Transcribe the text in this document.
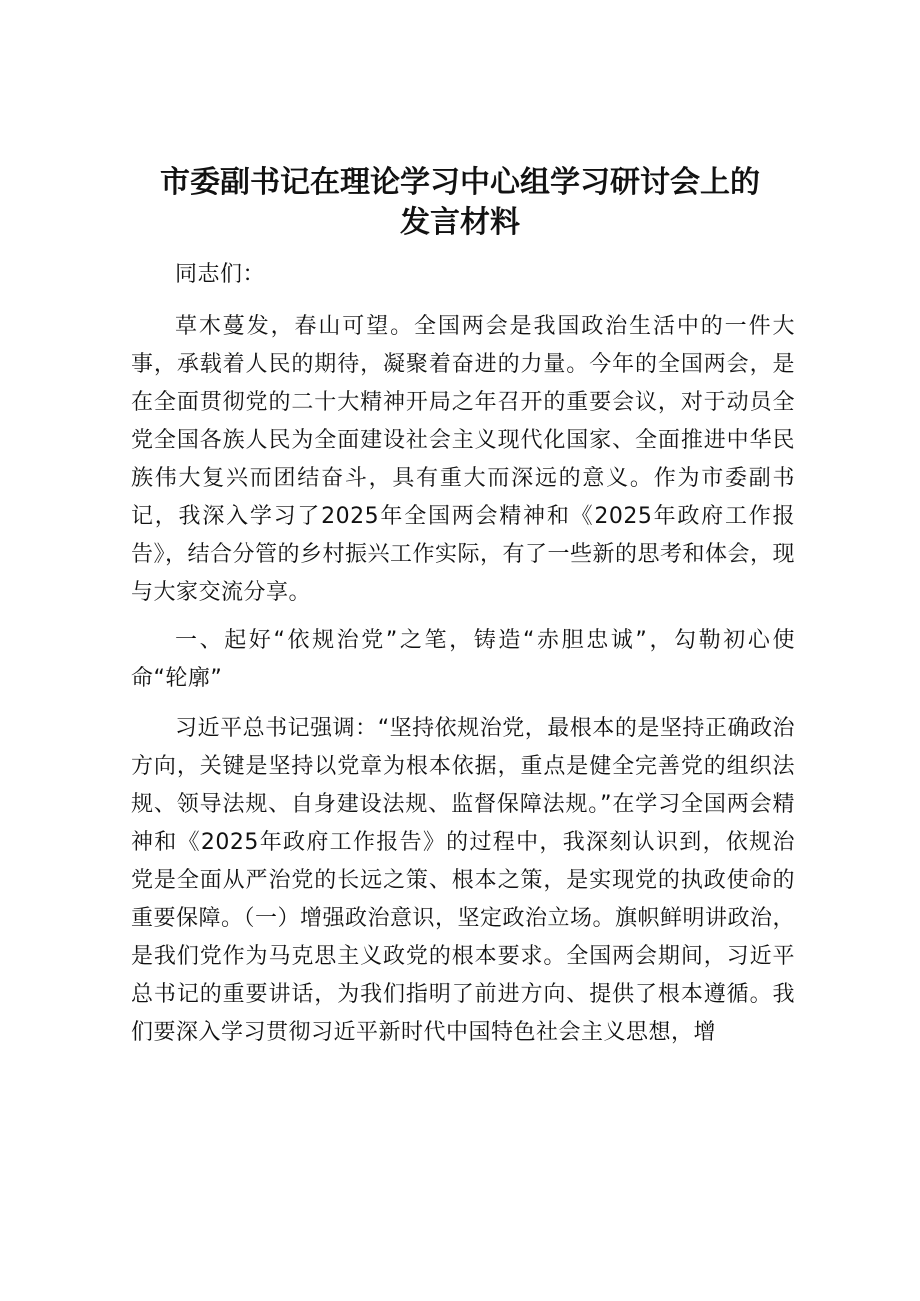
市委副书记在理论学习中心组学习研讨会上的
发言材料

同志们：

草木蔓发，春山可望。全国两会是我国政治生活中的一件大事，承载着人民的期待，凝聚着奋进的力量。今年的全国两会，是在全面贯彻党的二十大精神开局之年召开的重要会议，对于动员全党全国各族人民为全面建设社会主义现代化国家、全面推进中华民族伟大复兴而团结奋斗，具有重大而深远的意义。作为市委副书记，我深入学习了2025年全国两会精神和《2025年政府工作报告》，结合分管的乡村振兴工作实际，有了一些新的思考和体会，现与大家交流分享。

一、起好“依规治党”之笔，铸造“赤胆忠诚”，勾勒初心使命“轮廓”

习近平总书记强调：“坚持依规治党，最根本的是坚持正确政治方向，关键是坚持以党章为根本依据，重点是健全完善党的组织法规、领导法规、自身建设法规、监督保障法规。”在学习全国两会精神和《2025年政府工作报告》的过程中，我深刻认识到，依规治党是全面从严治党的长远之策、根本之策，是实现党的执政使命的重要保障。（一）增强政治意识，坚定政治立场。旗帜鲜明讲政治，是我们党作为马克思主义政党的根本要求。全国两会期间，习近平总书记的重要讲话，为我们指明了前进方向、提供了根本遵循。我们要深入学习贯彻习近平新时代中国特色社会主义思想，增
